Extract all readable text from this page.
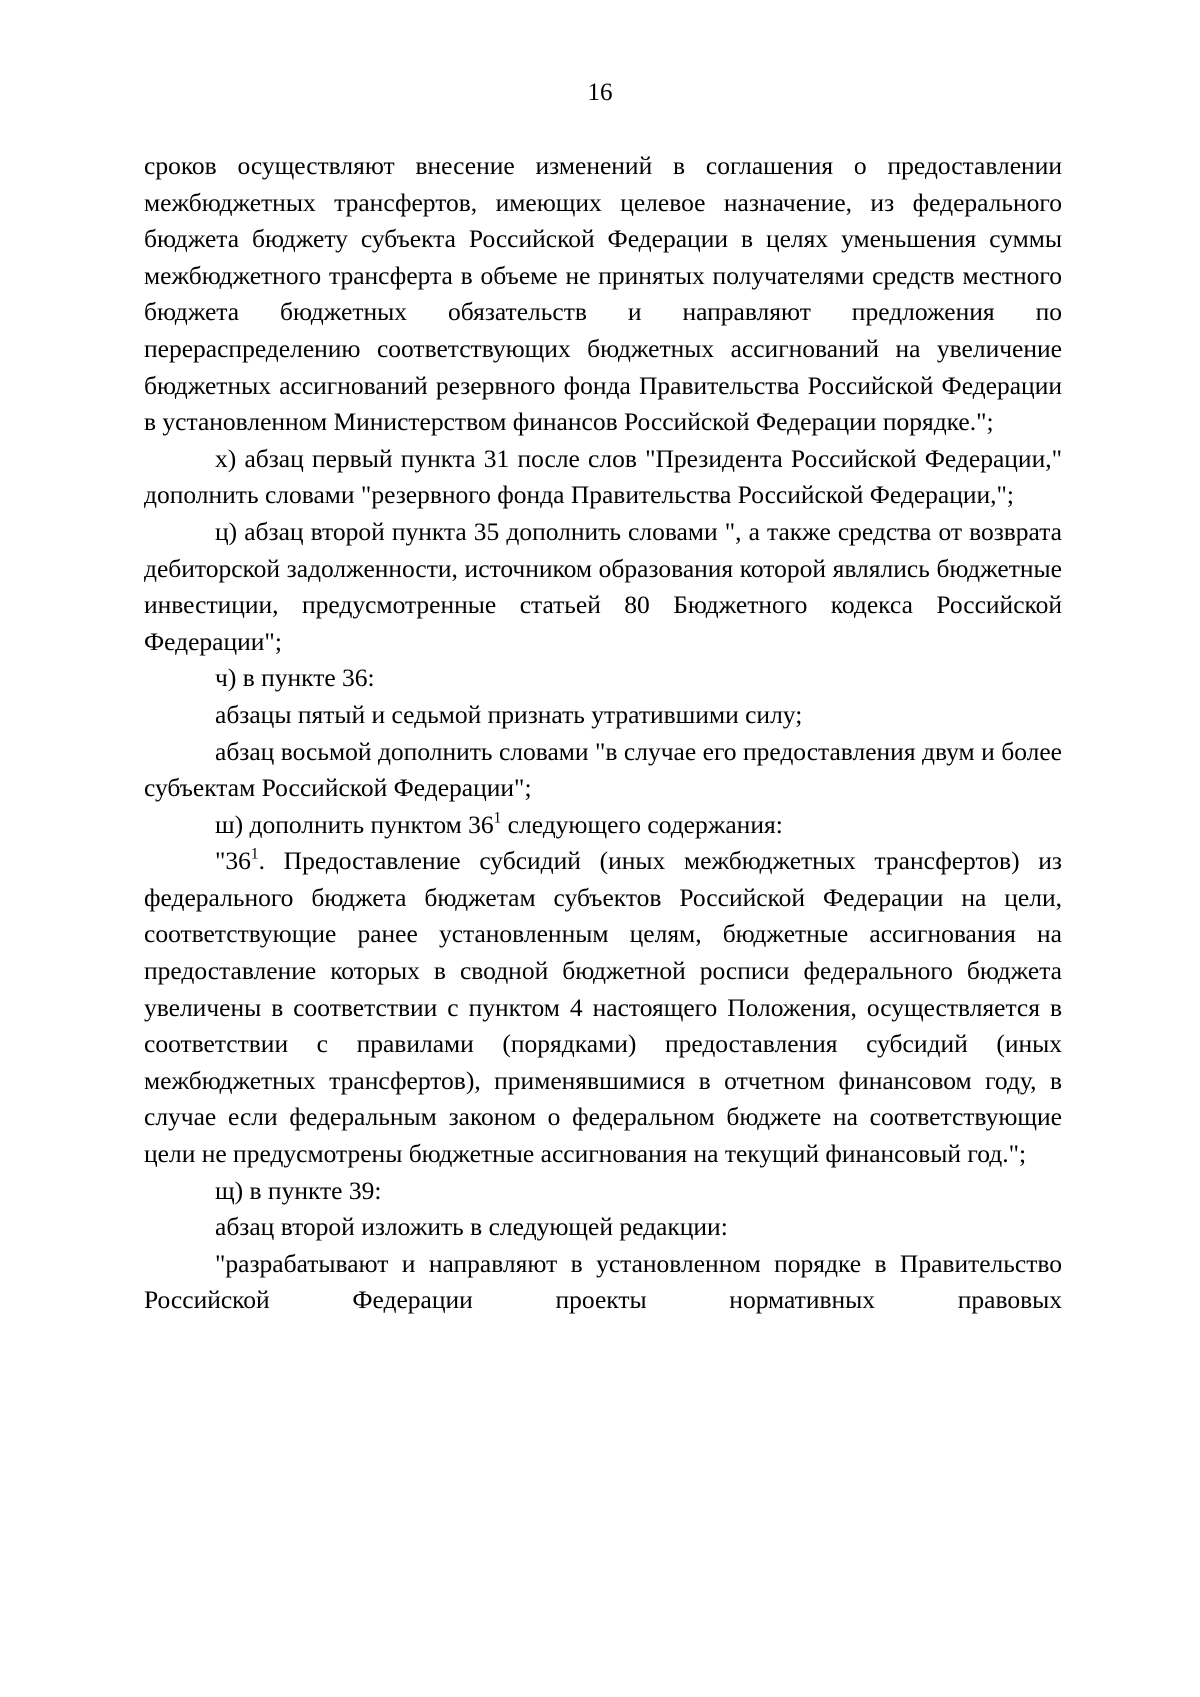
16

сроков осуществляют внесение изменений в соглашения о предоставлении межбюджетных трансфертов, имеющих целевое назначение, из федерального бюджета бюджету субъекта Российской Федерации в целях уменьшения суммы межбюджетного трансферта в объеме не принятых получателями средств местного бюджета бюджетных обязательств и направляют предложения по перераспределению соответствующих бюджетных ассигнований на увеличение бюджетных ассигнований резервного фонда Правительства Российской Федерации в установленном Министерством финансов Российской Федерации порядке.";

х) абзац первый пункта 31 после слов "Президента Российской Федерации," дополнить словами "резервного фонда Правительства Российской Федерации,";

ц) абзац второй пункта 35 дополнить словами ", а также средства от возврата дебиторской задолженности, источником образования которой являлись бюджетные инвестиции, предусмотренные статьей 80 Бюджетного кодекса Российской Федерации";

ч) в пункте 36:

абзацы пятый и седьмой признать утратившими силу;

абзац восьмой дополнить словами "в случае его предоставления двум и более субъектам Российской Федерации";

ш) дополнить пунктом $36^1$ следующего содержания:

"$36^1$. Предоставление субсидий (иных межбюджетных трансфертов) из федерального бюджета бюджетам субъектов Российской Федерации на цели, соответствующие ранее установленным целям, бюджетные ассигнования на предоставление которых в сводной бюджетной росписи федерального бюджета увеличены в соответствии с пунктом 4 настоящего Положения, осуществляется в соответствии с правилами (порядками) предоставления субсидий (иных межбюджетных трансфертов), применявшимися в отчетном финансовом году, в случае если федеральным законом о федеральном бюджете на соответствующие цели не предусмотрены бюджетные ассигнования на текущий финансовый год.";

щ) в пункте 39:

абзац второй изложить в следующей редакции:

"разрабатывают и направляют в установленном порядке в Правительство Российской Федерации проекты нормативных правовых
